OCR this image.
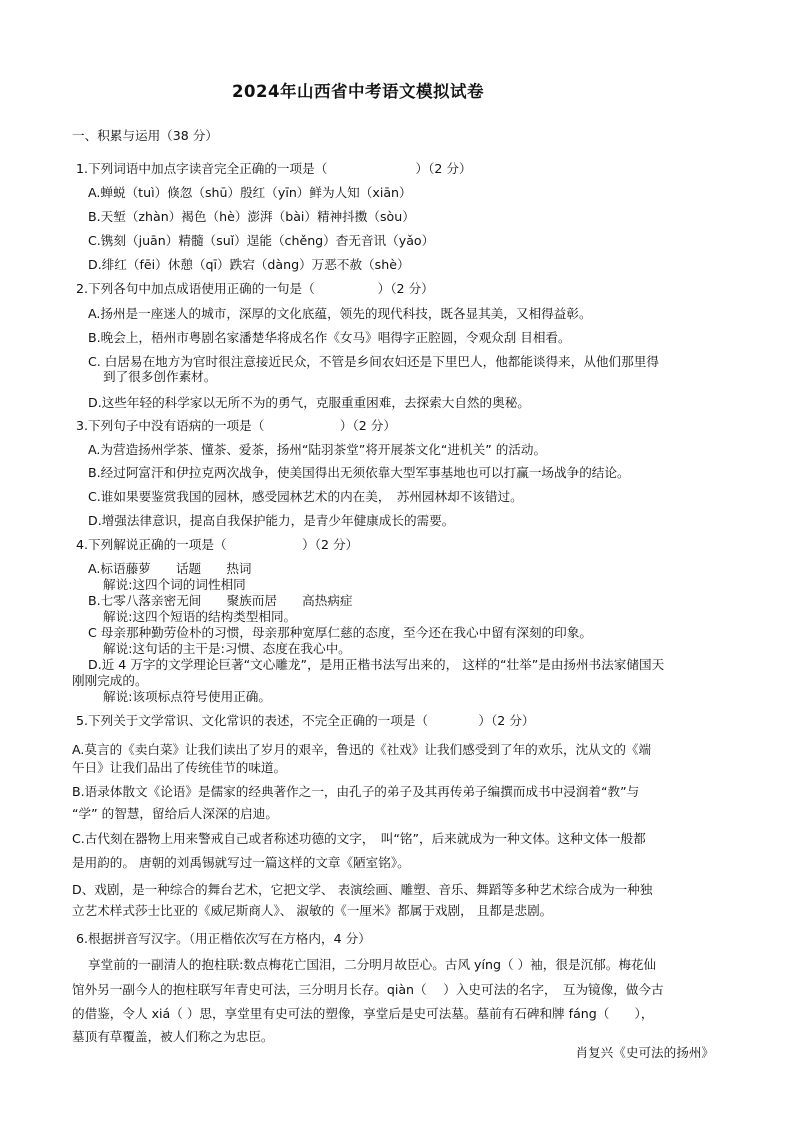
2024年山西省中考语文模拟试卷
一、积累与运用（38 分）
1.下列词语中加点字读音完全正确的一项是（　　　　　　　）（2 分）
A.蝉蜕（tuì）倏忽（shū）殷红（yīn）鲜为人知（xiān）
B.天堑（zhàn）褐色（hè）澎湃（bài）精神抖擞（sòu）
C.镌刻（juān）精髓（suǐ）逞能（chěng）杳无音讯（yǎo）
D.绯红（fēi）休憩（qī）跌宕（dàng）万恶不赦（shè）
2.下列各句中加点成语使用正确的一句是（　　　　　）（2 分）
A.扬州是一座迷人的城市，深厚的文化底蕴，领先的现代科技，既各显其美，又相得益彰。
B.晚会上，梧州市粤剧名家潘楚华将成名作《女马》唱得字正腔圆，令观众刮 目相看。
C. 白居易在地方为官时很注意接近民众，不管是乡间农妇还是下里巴人，他都能谈得来，从他们那里得
到了很多创作素材。
D.这些年轻的科学家以无所不为的勇气，克服重重困难，去探索大自然的奥秘。
3.下列句子中没有语病的一项是（　　　　　　）（2 分）
A.为营造扬州学茶、懂茶、爱茶，扬州“陆羽茶堂”将开展茶文化“进机关” 的活动。
B.经过阿富汗和伊拉克两次战争，使美国得出无须依靠大型军事基地也可以打赢一场战争的结论。
C.谁如果要鉴赏我国的园林，感受园林艺术的内在美，　苏州园林却不该错过。
D.增强法律意识，提高自我保护能力，是青少年健康成长的需要。
4.下列解说正确的一项是（　　　　　　）（2 分）
A.标语藤萝　　话题　　热词
解说:这四个词的词性相同
B.七零八落亲密无间　　聚族而居　　高热病症
解说:这四个短语的结构类型相同。
C 母亲那种勤劳俭朴的习惯，母亲那种宽厚仁慈的态度，至今还在我心中留有深刻的印象。
解说:这句话的主干是:习惯、态度在我心中。
D.近 4 万字的文学理论巨著“文心雕龙”，是用正楷书法写出来的， 这样的“壮举”是由扬州书法家储国天
刚刚完成的。
解说:该项标点符号使用正确。
5.下列关于文学常识、文化常识的表述，不完全正确的一项是（　　　　）（2 分）
A.莫言的《卖白菜》让我们读出了岁月的艰辛，鲁迅的《社戏》让我们感受到了年的欢乐，沈从文的《端
午日》让我们品出了传统佳节的味道。
B.语录体散文《论语》是儒家的经典著作之一，由孔子的弟子及其再传弟子编撰而成书中浸润着“教”与
“学” 的智慧，留给后人深深的启迪。
C.古代刻在器物上用来警戒自己或者称述功德的文字，　叫“铭”，后来就成为一种文体。这种文体一般都
是用韵的。 唐朝的刘禹锡就写过一篇这样的文章《陋室铭》。
D、戏剧，是一种综合的舞台艺术，它把文学、 表演绘画、雕塑、音乐、舞蹈等多种艺术综合成为一种独
立艺术样式莎士比亚的《威尼斯商人》、 淑敏的《一厘米》都属于戏剧， 且都是悲剧。
6.根据拼音写汉字。（用正楷依次写在方格内，4 分）
享堂前的一副清人的抱柱联:数点梅花亡国泪，二分明月故臣心。古风 yíng（ ）袖，很是沉郁。梅花仙
馆外另一副今人的抱柱联写年青史可法，三分明月长存。qiàn（　 ）入史可法的名字，　互为镜像，做今古
的借鉴，令人 xiá（ ）思，享堂里有史可法的塑像，享堂后是史可法墓。墓前有石碑和牌 fáng（　　），
墓顶有草覆盖，被人们称之为忠臣。
肖复兴《史可法的扬州》
